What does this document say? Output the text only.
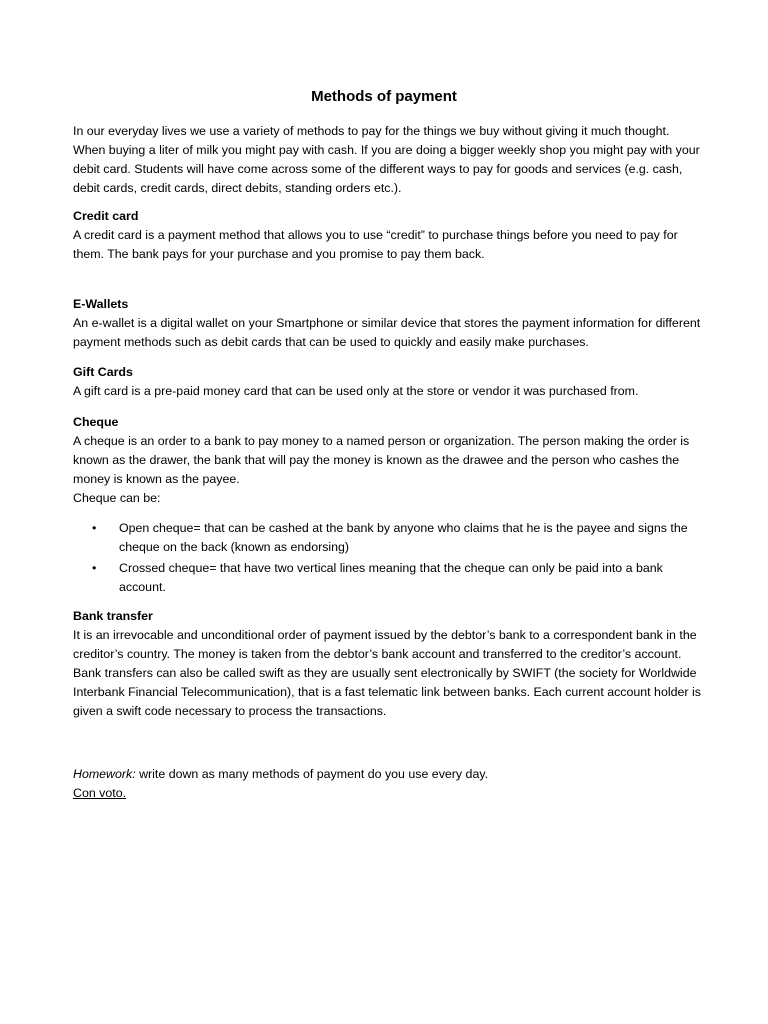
Methods of payment

In our everyday lives we use a variety of methods to pay for the things we buy without giving it much thought. When buying a liter of milk you might pay with cash. If you are doing a bigger weekly shop you might pay with your debit card. Students will have come across some of the different ways to pay for goods and services (e.g. cash, debit cards, credit cards, direct debits, standing orders etc.).

Credit card

A credit card is a payment method that allows you to use “credit” to purchase things before you need to pay for them. The bank pays for your purchase and you promise to pay them back.

E-Wallets

An e-wallet is a digital wallet on your Smartphone or similar device that stores the payment information for different payment methods such as debit cards that can be used to quickly and easily make purchases.

Gift Cards

A gift card is a pre-paid money card that can be used only at the store or vendor it was purchased from.

Cheque

A cheque is an order to a bank to pay money to a named person or organization. The person making the order is known as the drawer, the bank that will pay the money is known as the drawee and the person who cashes the money is known as the payee.

Cheque can be:

• Open cheque= that can be cashed at the bank by anyone who claims that he is the payee and signs the cheque on the back (known as endorsing)
• Crossed cheque= that have two vertical lines meaning that the cheque can only be paid into a bank account.

Bank transfer

It is an irrevocable and unconditional order of payment issued by the debtor’s bank to a correspondent bank in the creditor’s country. The money is taken from the debtor’s bank account and transferred to the creditor’s account. Bank transfers can also be called swift as they are usually sent electronically by SWIFT (the society for Worldwide Interbank Financial Telecommunication), that is a fast telematic link between banks. Each current account holder is given a swift code necessary to process the transactions.

Homework: write down as many methods of payment do you use every day.

Con voto.
